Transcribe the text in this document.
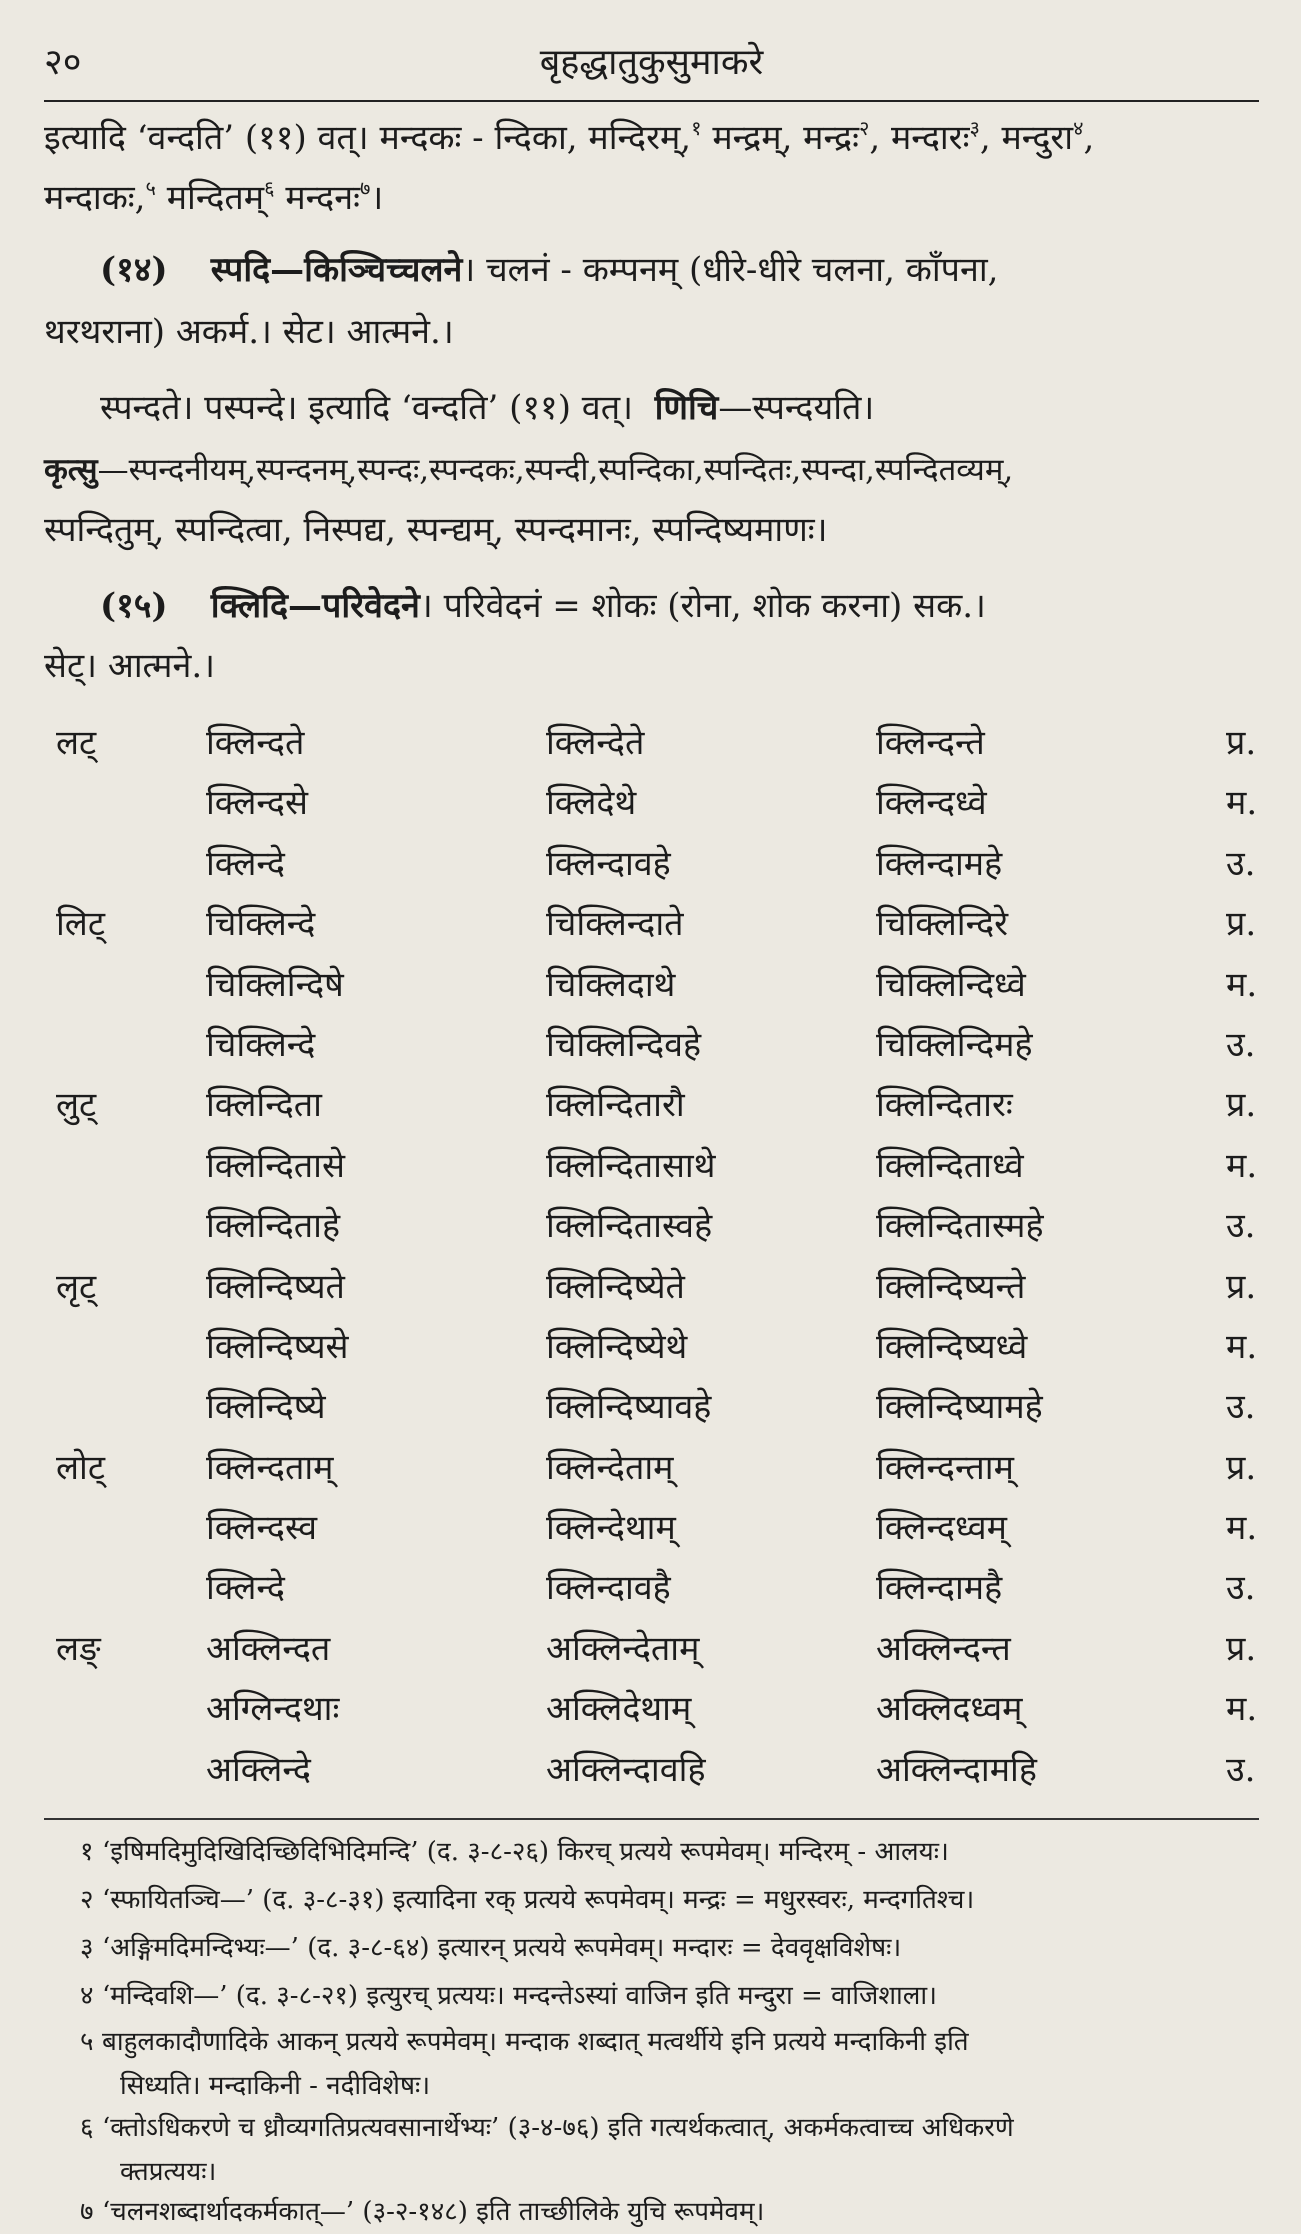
२०	बृहद्धातुकुसुमाकरे
इत्यादि ‘वन्दति’ (११) वत्। मन्दकः - न्दिका, मन्दिरम्,$^१$ मन्द्रम्, मन्द्रः$^२$, मन्दारः$^३$, मन्दुरा$^४$,
मन्दाकः,$^५$ मन्दितम्$^६$ मन्दनः$^७$।
(१४) स्पदि—किञ्चिच्चलने। चलनं - कम्पनम् (धीरे-धीरे चलना, काँपना,
थरथराना) अकर्म.। सेट। आत्मने.।
स्पन्दते। पस्पन्दे। इत्यादि ‘वन्दति’ (११) वत्। णिचि—स्पन्दयति।
कृत्सु—स्पन्दनीयम्,स्पन्दनम्,स्पन्दः,स्पन्दकः,स्पन्दी,स्पन्दिका,स्पन्दितः,स्पन्दा,स्पन्दितव्यम्,
स्पन्दितुम्, स्पन्दित्वा, निस्पद्य, स्पन्द्यम्, स्पन्दमानः, स्पन्दिष्यमाणः।
(१५) क्लिदि—परिवेदने। परिवेदनं = शोकः (रोना, शोक करना) सक.।
सेट्। आत्मने.।
लट्	क्लिन्दते	क्लिन्देते	क्लिन्दन्ते	प्र.
क्लिन्दसे	क्लिदेथे	क्लिन्दध्वे	म.
क्लिन्दे	क्लिन्दावहे	क्लिन्दामहे	उ.
लिट्	चिक्लिन्दे	चिक्लिन्दाते	चिक्लिन्दिरे	प्र.
चिक्लिन्दिषे	चिक्लिदाथे	चिक्लिन्दिध्वे	म.
चिक्लिन्दे	चिक्लिन्दिवहे	चिक्लिन्दिमहे	उ.
लुट्	क्लिन्दिता	क्लिन्दितारौ	क्लिन्दितारः	प्र.
क्लिन्दितासे	क्लिन्दितासाथे	क्लिन्दिताध्वे	म.
क्लिन्दिताहे	क्लिन्दितास्वहे	क्लिन्दितास्महे	उ.
लृट्	क्लिन्दिष्यते	क्लिन्दिष्येते	क्लिन्दिष्यन्ते	प्र.
क्लिन्दिष्यसे	क्लिन्दिष्येथे	क्लिन्दिष्यध्वे	म.
क्लिन्दिष्ये	क्लिन्दिष्यावहे	क्लिन्दिष्यामहे	उ.
लोट्	क्लिन्दताम्	क्लिन्देताम्	क्लिन्दन्ताम्	प्र.
क्लिन्दस्व	क्लिन्देथाम्	क्लिन्दध्वम्	म.
क्लिन्दे	क्लिन्दावहै	क्लिन्दामहै	उ.
लङ्	अक्लिन्दत	अक्लिन्देताम्	अक्लिन्दन्त	प्र.
अग्लिन्दथाः	अक्लिदेथाम्	अक्लिदध्वम्	म.
अक्लिन्दे	अक्लिन्दावहि	अक्लिन्दामहि	उ.
१ ‘इषिमदिमुदिखिदिच्छिदिभिदिमन्दि’ (द. ३-८-२६) किरच् प्रत्यये रूपमेवम्। मन्दिरम् - आलयः।
२ ‘स्फायितञ्चि—’ (द. ३-८-३१) इत्यादिना रक् प्रत्यये रूपमेवम्। मन्द्रः = मधुरस्वरः, मन्दगतिश्च।
३ ‘अङ्गिमदिमन्दिभ्यः—’ (द. ३-८-६४) इत्यारन् प्रत्यये रूपमेवम्। मन्दारः = देववृक्षविशेषः।
४ ‘मन्दिवशि—’ (द. ३-८-२१) इत्युरच् प्रत्ययः। मन्दन्तेऽस्यां वाजिन इति मन्दुरा = वाजिशाला।
५ बाहुलकादौणादिके आकन् प्रत्यये रूपमेवम्। मन्दाक शब्दात् मत्वर्थीये इनि प्रत्यये मन्दाकिनी इति
सिध्यति। मन्दाकिनी - नदीविशेषः।
६ ‘क्तोऽधिकरणे च ध्रौव्यगतिप्रत्यवसानार्थेभ्यः’ (३-४-७६) इति गत्यर्थकत्वात्, अकर्मकत्वाच्च अधिकरणे
क्तप्रत्ययः।
७ ‘चलनशब्दार्थादकर्मकात्—’ (३-२-१४८) इति ताच्छीलिके युचि रूपमेवम्।
